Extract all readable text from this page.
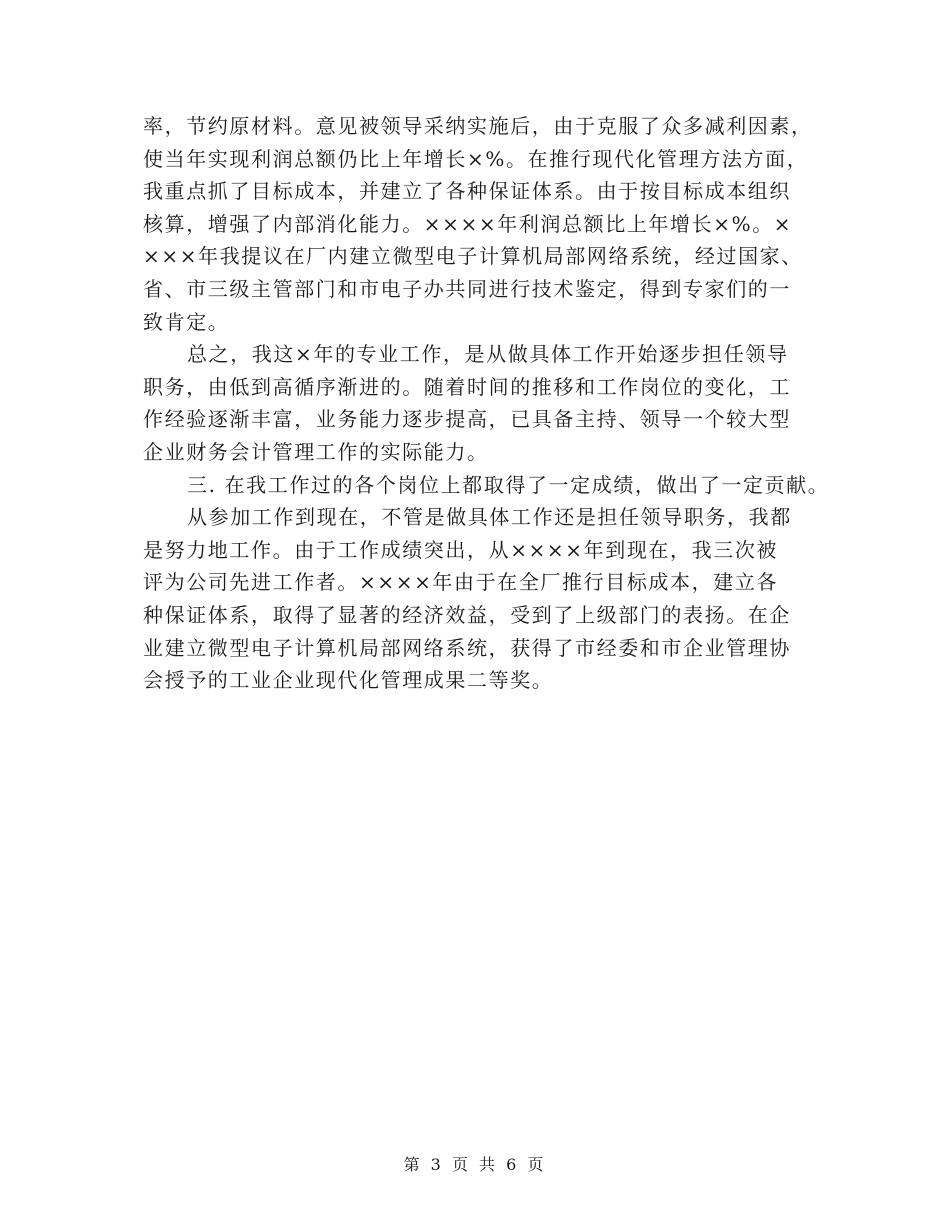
率，节约原材料。意见被领导采纳实施后，由于克服了众多减利因素，
使当年实现利润总额仍比上年增长×%。在推行现代化管理方法方面，
我重点抓了目标成本，并建立了各种保证体系。由于按目标成本组织
核算，增强了内部消化能力。××××年利润总额比上年增长×%。×
×××年我提议在厂内建立微型电子计算机局部网络系统，经过国家、
省、市三级主管部门和市电子办共同进行技术鉴定，得到专家们的一
致肯定。
总之，我这×年的专业工作，是从做具体工作开始逐步担任领导
职务，由低到高循序渐进的。随着时间的推移和工作岗位的变化，工
作经验逐渐丰富，业务能力逐步提高，已具备主持、领导一个较大型
企业财务会计管理工作的实际能力。
三. 在我工作过的各个岗位上都取得了一定成绩，做出了一定贡献。
从参加工作到现在，不管是做具体工作还是担任领导职务，我都
是努力地工作。由于工作成绩突出，从××××年到现在，我三次被
评为公司先进工作者。××××年由于在全厂推行目标成本，建立各
种保证体系，取得了显著的经济效益，受到了上级部门的表扬。在企
业建立微型电子计算机局部网络系统，获得了市经委和市企业管理协
会授予的工业企业现代化管理成果二等奖。
第 3 页 共 6 页
